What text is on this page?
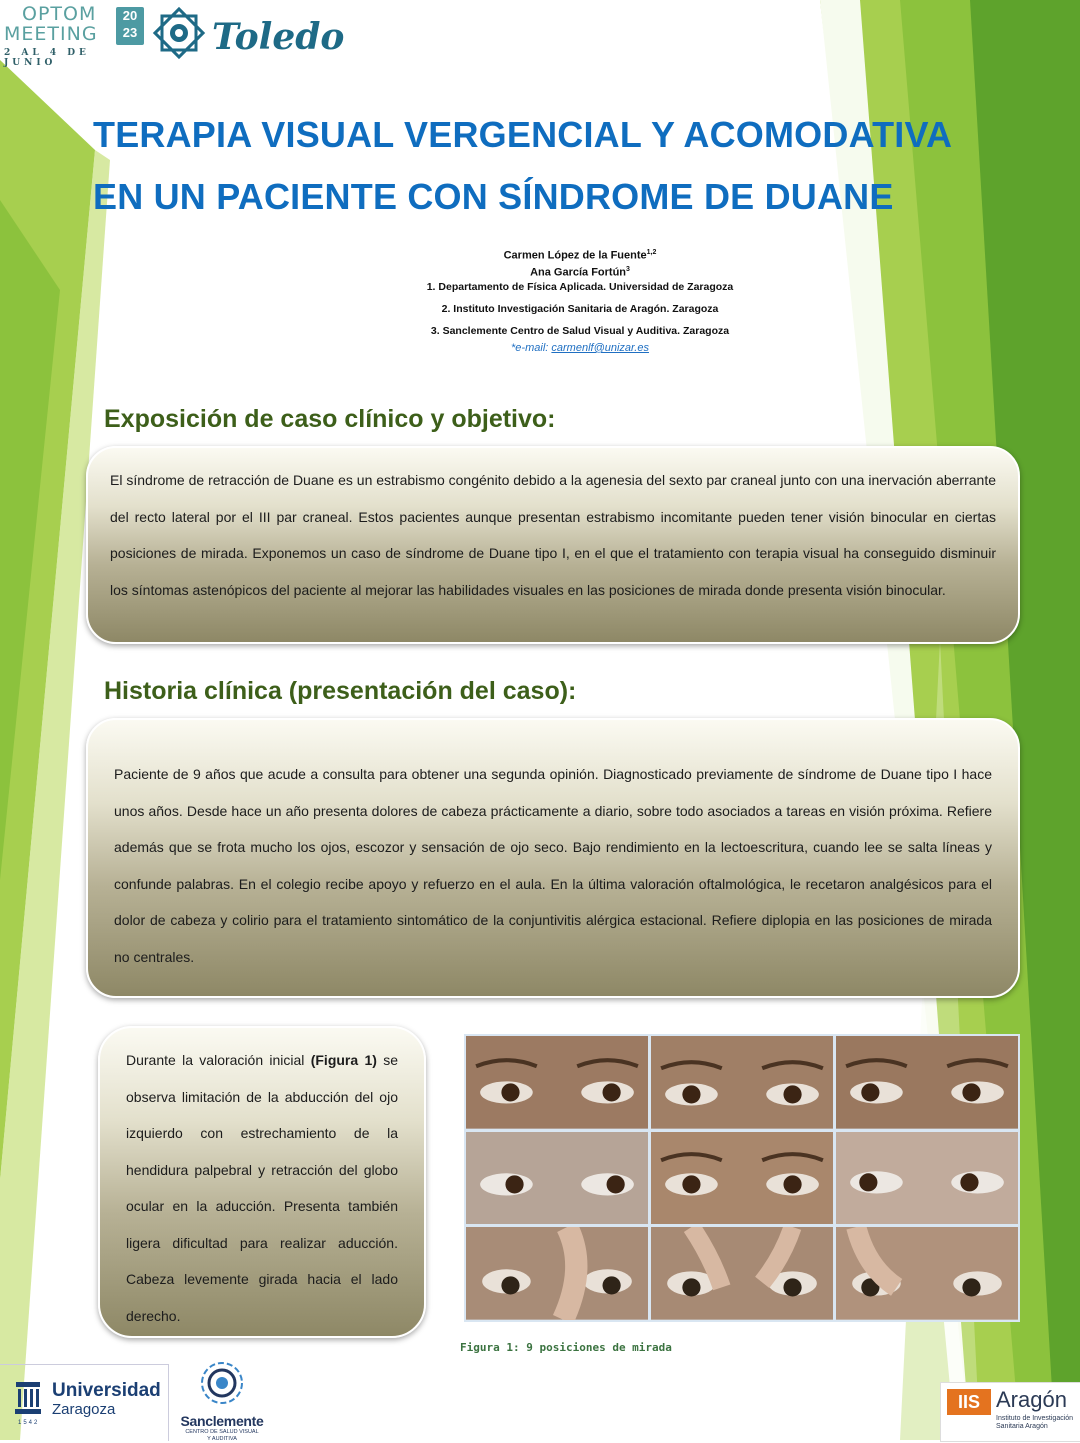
OPTOM
MEETING
20 23
2 AL 4 DE JUNIO
Toledo
TERAPIA VISUAL VERGENCIAL Y ACOMODATIVA
EN UN PACIENTE CON SÍNDROME DE DUANE
Carmen López de la Fuente$^{1,2}$
Ana García Fortún$^3$
1. Departamento de Física Aplicada. Universidad de Zaragoza
2. Instituto Investigación Sanitaria de Aragón. Zaragoza
3. Sanclemente Centro de Salud Visual y Auditiva. Zaragoza
*e-mail: carmenlf@unizar.es
Exposición de caso clínico y objetivo:
El síndrome de retracción de Duane es un estrabismo congénito debido a la agenesia del sexto par craneal junto con una inervación aberrante del recto lateral por el III par craneal. Estos pacientes aunque presentan estrabismo incomitante pueden tener visión binocular en ciertas posiciones de mirada. Exponemos un caso de síndrome de Duane tipo I, en el que el tratamiento con terapia visual ha conseguido disminuir los síntomas astenópicos del paciente al mejorar las habilidades visuales en las posiciones de mirada donde presenta visión binocular.
Historia clínica (presentación del caso):
Paciente de 9 años que acude a consulta para obtener una segunda opinión. Diagnosticado previamente de síndrome de Duane tipo I hace unos años. Desde hace un año presenta dolores de cabeza prácticamente a diario, sobre todo asociados a tareas en visión próxima. Refiere además que se frota mucho los ojos, escozor y sensación de ojo seco. Bajo rendimiento en la lectoescritura, cuando lee se salta líneas y confunde palabras. En el colegio recibe apoyo y refuerzo en el aula. En la última valoración oftalmológica, le recetaron analgésicos para el dolor de cabeza y colirio para el tratamiento sintomático de la conjuntivitis alérgica estacional. Refiere diplopia en las posiciones de mirada no centrales.
Durante la valoración inicial (Figura 1) se observa limitación de la abducción del ojo izquierdo con estrechamiento de la hendidura palpebral y retracción del globo ocular en la aducción. Presenta también ligera dificultad para realizar aducción. Cabeza levemente girada hacia el lado derecho.
Figura 1: 9 posiciones de mirada
Universidad
Zaragoza
1542	Sanclemente
CENTRO DE SALUD VISUAL
Y AUDITIVA
IIS Aragón
Instituto de Investigación
Sanitaria Aragón
